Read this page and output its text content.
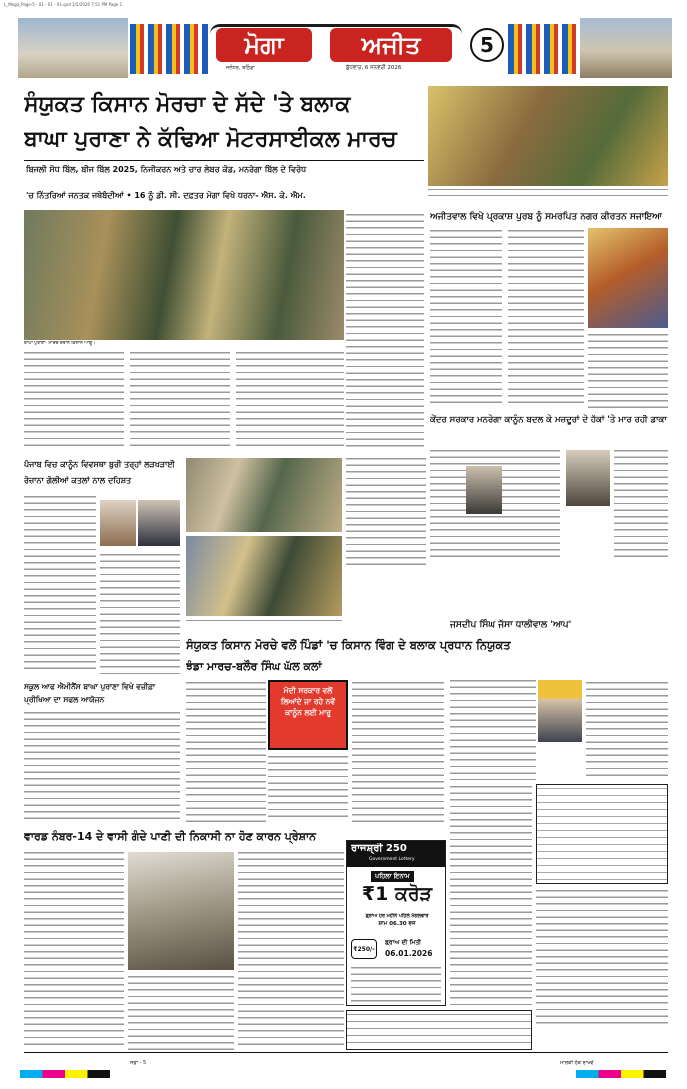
L_Moga_Page-5 - 01 - 01 - 01.qxd 1/5/2026 7:51 PM Page 1
ਮੋਗਾ	ਅਜੀਤ
ਜਲੰਧਰ, ਬਠਿੰਡਾ	ਬੁੱਧਵਾਰ, 6 ਜਨਵਰੀ 2026
5
ਸੰਯੁਕਤ ਕਿਸਾਨ ਮੋਰਚਾ ਦੇ ਸੱਦੇ 'ਤੇ ਬਲਾਕ
ਬਾਘਾ ਪੁਰਾਣਾ ਨੇ ਕੱਢਿਆ ਮੋਟਰਸਾਈਕਲ ਮਾਰਚ
ਬਿਜਲੀ ਸੋਧ ਬਿੱਲ, ਬੀਜ ਬਿੱਲ 2025, ਨਿਜੀਕਰਨ ਅਤੇ ਚਾਰ ਲੇਬਰ ਕੋਡ, ਮਨਰੇਗਾ ਬਿੱਲ ਦੇ ਵਿਰੋਧ
'ਚ ਨਿੱਤਰਿਆਂ ਜਨਤਕ ਜਥੇਬੰਦੀਆਂ • 16 ਨੂੰ ਡੀ. ਸੀ. ਦਫ਼ਤਰ ਮੋਗਾ ਵਿਖੇ ਧਰਨਾ- ਐਸ. ਕੇ. ਐਮ.
ਬਾਘਾ ਪੁਰਾਣਾ- ਮਾਰਚ ਦੌਰਾਨ ਕਿਸਾਨ ਆਗੂ।
ਅਜੀਤਵਾਲ ਵਿਖੇ ਪ੍ਰਕਾਸ਼ ਪੁਰਬ ਨੂੰ ਸਮਰਪਿਤ ਨਗਰ ਕੀਰਤਨ ਸਜਾਇਆ
ਕੇਂਦਰ ਸਰਕਾਰ ਮਨਰੇਗਾ ਕਾਨੂੰਨ ਬਦਲ ਕੇ ਮਜ਼ਦੂਰਾਂ ਦੇ ਹੱਕਾਂ 'ਤੇ ਮਾਰ ਰਹੀ ਡਾਕਾ
ਪੰਜਾਬ ਵਿਚ ਕਾਨੂੰਨ ਵਿਵਸਥਾ ਬੁਰੀ ਤਰ੍ਹਾਂ ਲੜਖੜਾਈ
ਰੋਜ਼ਾਨਾ ਗੋਲੀਆਂ ਕਤਲਾਂ ਨਾਲ ਦਹਿਸ਼ਤ
ਜਸਦੀਪ ਸਿੰਘ ਜੱਸਾ ਧਾਲੀਵਾਲ 'ਆਪ'
ਸੰਯੁਕਤ ਕਿਸਾਨ ਮੋਰਚੇ ਵਲੋਂ ਪਿੰਡਾਂ 'ਚ ਕਿਸਾਨ ਵਿੰਗ ਦੇ ਬਲਾਕ ਪ੍ਰਧਾਨ ਨਿਯੁਕਤ
ਝੰਡਾ ਮਾਰਚ-ਬਲੌਰ ਸਿੰਘ ਘੱਲ ਕਲਾਂ
ਮੋਦੀ ਸਰਕਾਰ ਵਲੋਂ ਲਿਆਂਦੇ ਜਾ ਰਹੇ ਨਵੇਂ ਕਾਨੂੰਨ ਲਈ ਮਾਰੂ
ਸਕੂਲ ਆਫ ਐਮੀਨੈਂਸ ਬਾਘਾ ਪੁਰਾਣਾ ਵਿਖੇ ਵਜ਼ੀਫ਼ਾ ਪ੍ਰੀਖਿਆ ਦਾ ਸਫਲ ਆਯੋਜਨ
ਵਾਰਡ ਨੰਬਰ-14 ਦੇ ਵਾਸੀ ਗੰਦੇ ਪਾਣੀ ਦੀ ਨਿਕਾਸੀ ਨਾ ਹੋਣ ਕਾਰਨ ਪ੍ਰੇਸ਼ਾਨ
ਰਾਜਸ਼੍ਰੀ 250
Government Lottery
ਪਹਿਲਾ ਇਨਾਮ
₹1 ਕਰੋੜ
ਡ੍ਰਾਅ ਹਰ ਮਹੀਨੇ ਪਹਿਲੇ ਮੰਗਲਵਾਰ
ਸ਼ਾਮ 06.30 ਵਜੇ
₹250/-
ਡ੍ਰਾਅ ਦੀ ਮਿਤੀ
06.01.2026
ਸਫ਼ਾ - 5	ਮਾਲਕੀ ਹੱਕ ਰਾਖਵੇਂ
